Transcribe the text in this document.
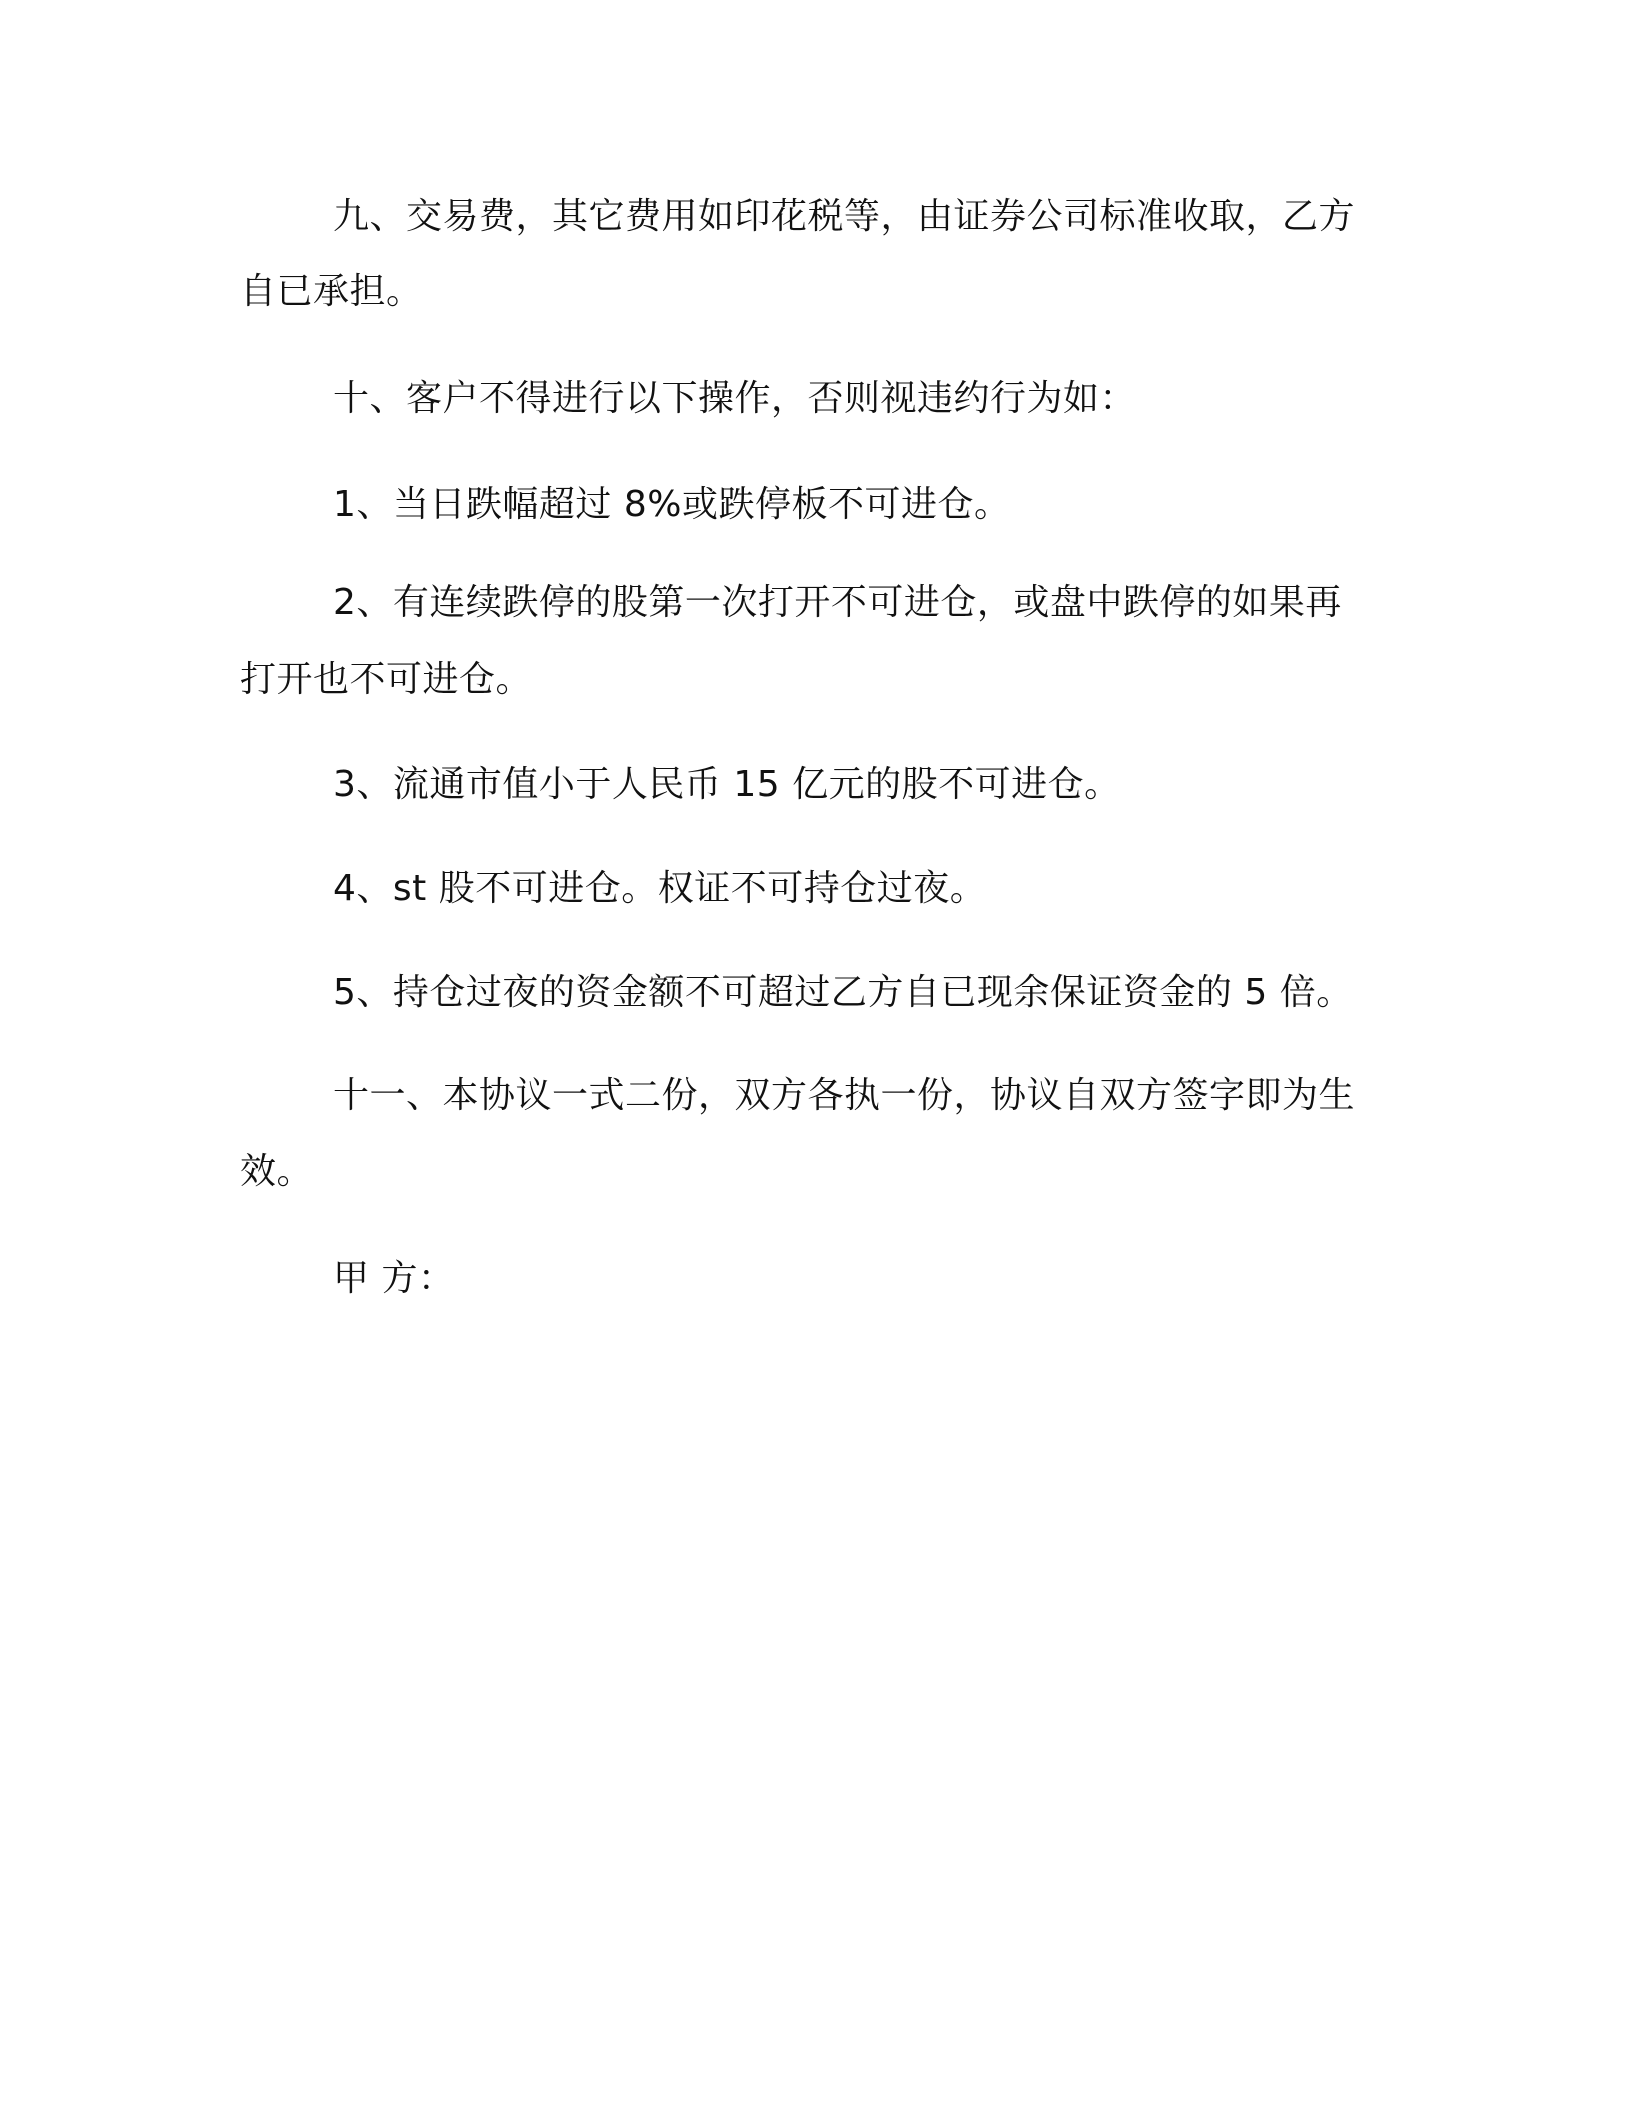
九、交易费，其它费用如印花税等，由证券公司标准收取，乙方
自已承担。
十、客户不得进行以下操作，否则视违约行为如：
1、当日跌幅超过 8%或跌停板不可进仓。
2、有连续跌停的股第一次打开不可进仓，或盘中跌停的如果再
打开也不可进仓。
3、流通市值小于人民币 15 亿元的股不可进仓。
4、st 股不可进仓。权证不可持仓过夜。
5、持仓过夜的资金额不可超过乙方自已现余保证资金的 5 倍。
十一、本协议一式二份，双方各执一份，协议自双方签字即为生
效。
甲 方：
